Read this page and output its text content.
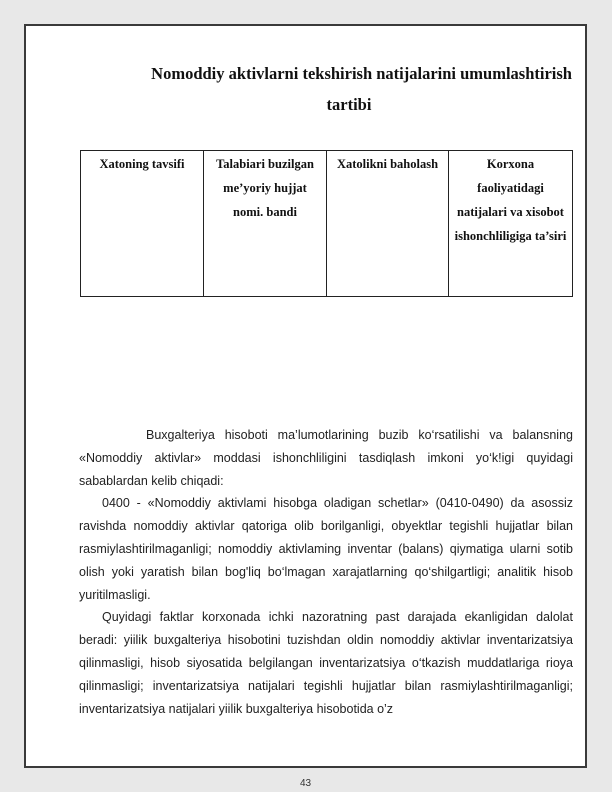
Nomoddiy aktivlarni tekshirish natijalarini umumlashtirish
tartibi
Xatoning tavsifi	Talabiari buzilgan me’yoriy hujjat nomi. bandi	Xatolikni baholash	Korxona faoliyatidagi natijalari va xisobot ishonchliligiga ta’siri

Buxgalteriya hisoboti ma’lumotlarining buzib ko‘rsatilishi va balansning «Nomoddiy aktivlar» moddasi ishonchliligini tasdiqlash imkoni yo‘k!igi quyidagi sabablardan kelib chiqadi:

0400 - «Nomoddiy aktivlami hisobga oladigan schetlar» (0410-0490) da asossiz ravishda nomoddiy aktivlar qatoriga olib borilganligi, obyektlar tegishli hujjatlar bilan rasmiylashtirilmaganligi; nomoddiy aktivlaming inventar (balans) qiymatiga ularni sotib olish yoki yaratish bilan bog'liq bo‘lmagan xarajatlarning qo‘shilgartligi; analitik hisob yuritilmasligi.

Quyidagi faktlar korxonada ichki nazoratning past darajada ekanligidan dalolat beradi: yiilik buxgalteriya hisobotini tuzishdan oldin nomoddiy aktivlar inventarizatsiya qilinmasligi, hisob siyosatida belgilangan inventarizatsiya o‘tkazish muddatlariga rioya qilinmasligi; inventarizatsiya natijalari tegishli hujjatlar bilan rasmiylashtirilmaganligi; inventarizatsiya natijalari yiilik buxgalteriya hisobotida o’z

43
